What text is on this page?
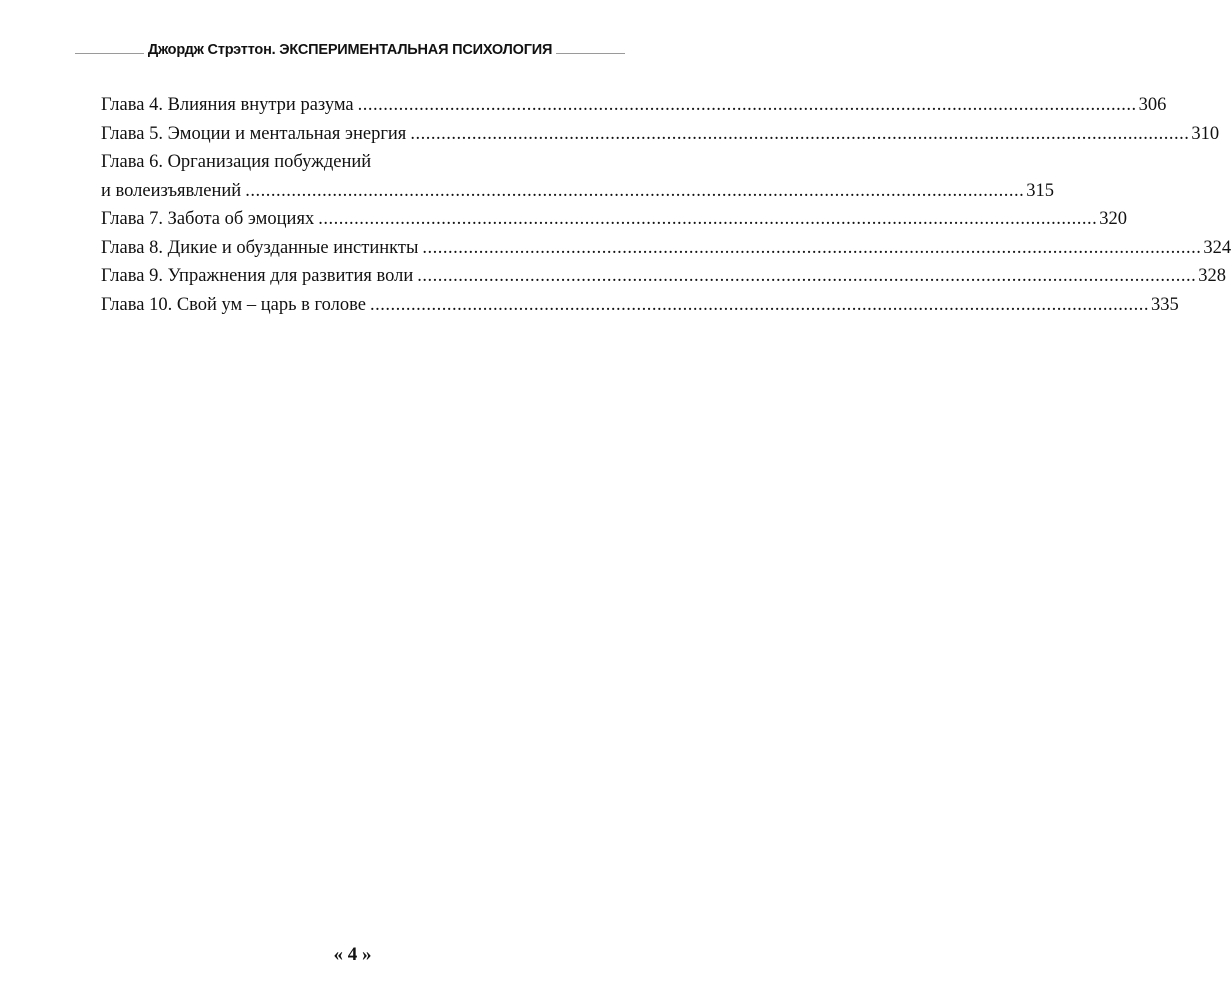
Джордж Стрэттон. ЭКСПЕРИМЕНТАЛЬНАЯ ПСИХОЛОГИЯ
Глава 4. Влияния внутри разума ........................................................................................................................................................ 306
Глава 5. Эмоции и ментальная энергия ........................................................................................................................................................ 310
Глава 6. Организация побуждений
и волеизъявлений ........................................................................................................................................................ 315
Глава 7. Забота об эмоциях ........................................................................................................................................................ 320
Глава 8. Дикие и обузданные инстинкты ........................................................................................................................................................ 324
Глава 9. Упражнения для развития воли ........................................................................................................................................................ 328
Глава 10. Свой ум – царь в голове ........................................................................................................................................................ 335
« 4 »
